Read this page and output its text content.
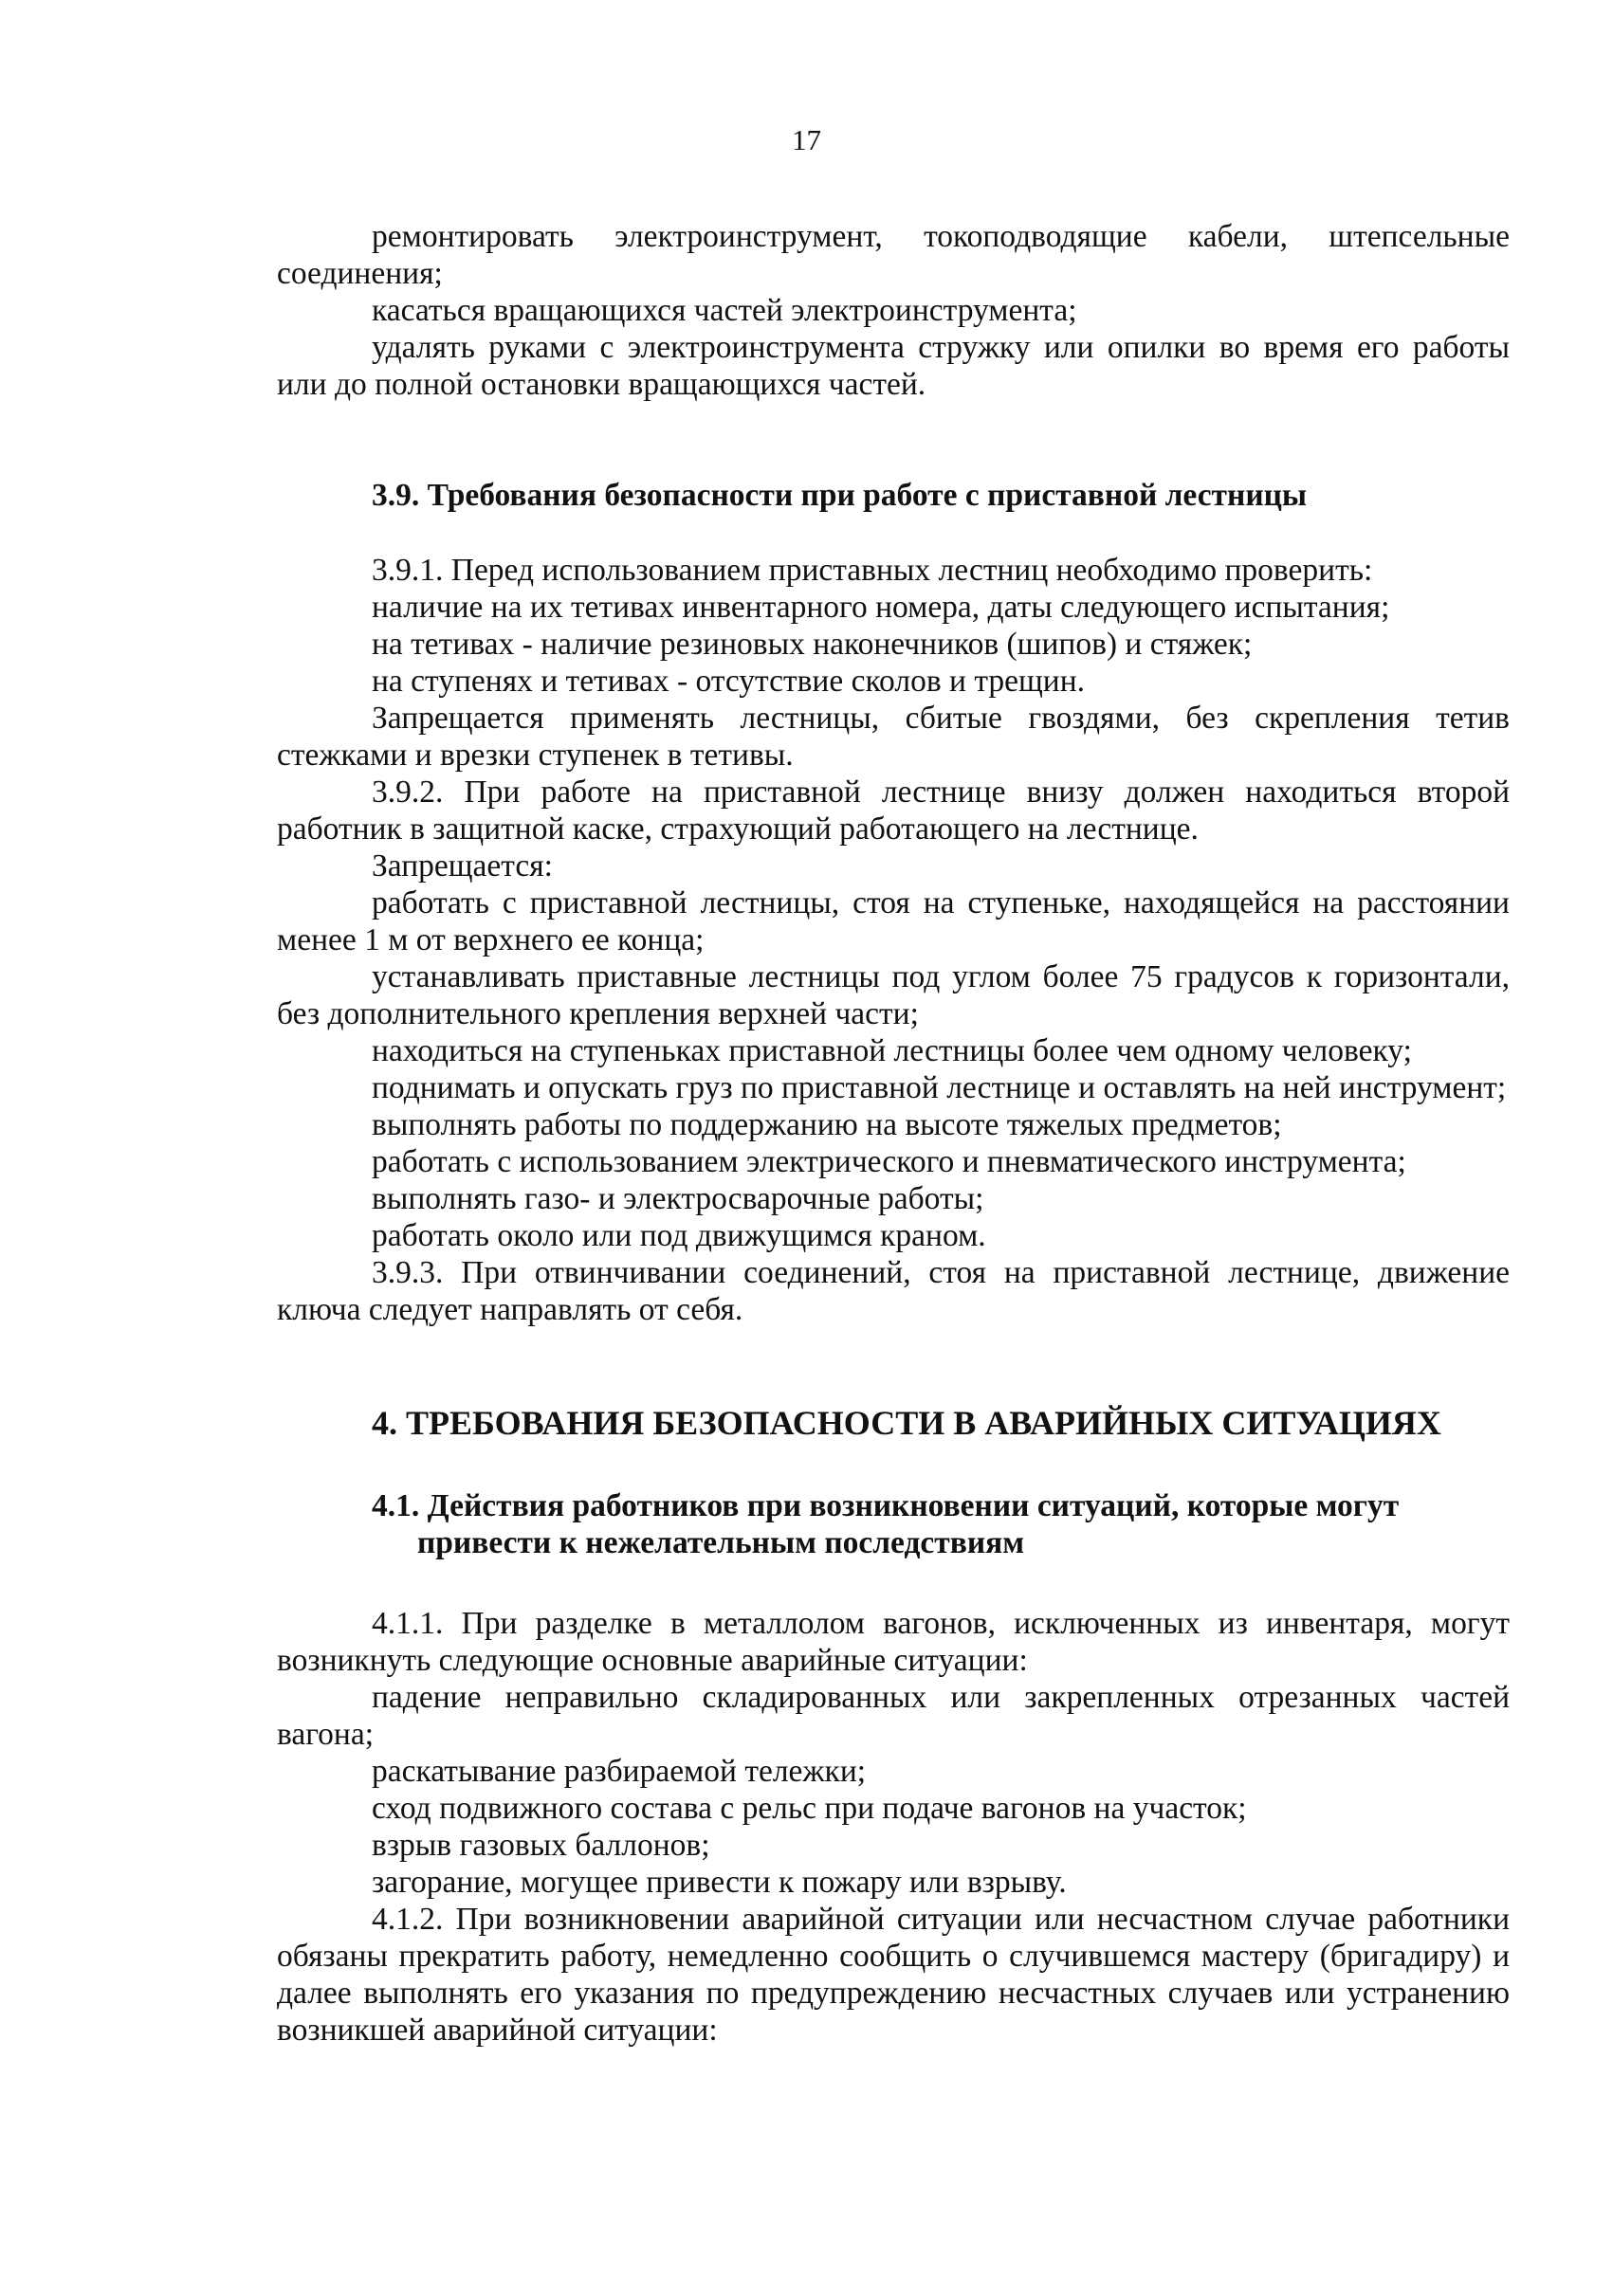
17

ремонтировать электроинструмент, токоподводящие кабели, штепсельные соединения;

касаться вращающихся частей электроинструмента;

удалять руками с электроинструмента стружку или опилки во время его работы или до полной остановки вращающихся частей.

3.9. Требования безопасности при работе с приставной лестницы

3.9.1. Перед использованием приставных лестниц необходимо проверить:

наличие на их тетивах инвентарного номера, даты следующего испытания;

на тетивах - наличие резиновых наконечников (шипов) и стяжек;

на ступенях и тетивах - отсутствие сколов и трещин.

Запрещается применять лестницы, сбитые гвоздями, без скрепления тетив стежками и врезки ступенек в тетивы.

3.9.2. При работе на приставной лестнице внизу должен находиться второй работник в защитной каске, страхующий работающего на лестнице.

Запрещается:

работать с приставной лестницы, стоя на ступеньке, находящейся на расстоянии менее 1 м от верхнего ее конца;

устанавливать приставные лестницы под углом более 75 градусов к горизонтали, без дополнительного крепления верхней части;

находиться на ступеньках приставной лестницы более чем одному человеку;

поднимать и опускать груз по приставной лестнице и оставлять на ней инструмент;

выполнять работы по поддержанию на высоте тяжелых предметов;

работать с использованием электрического и пневматического инструмента;

выполнять газо- и электросварочные работы;

работать около или под движущимся краном.

3.9.3. При отвинчивании соединений, стоя на приставной лестнице, движение ключа следует направлять от себя.

4. ТРЕБОВАНИЯ БЕЗОПАСНОСТИ В АВАРИЙНЫХ СИТУАЦИЯХ

4.1. Действия работников при возникновении ситуаций, которые могут
привести к нежелательным последствиям

4.1.1. При разделке в металлолом вагонов, исключенных из инвентаря, могут возникнуть следующие основные аварийные ситуации:

падение неправильно складированных или закрепленных отрезанных частей вагона;

раскатывание разбираемой тележки;

сход подвижного состава с рельс при подаче вагонов на участок;

взрыв газовых баллонов;

загорание, могущее привести к пожару или взрыву.

4.1.2. При возникновении аварийной ситуации или несчастном случае работники обязаны прекратить работу, немедленно сообщить о случившемся мастеру (бригадиру) и далее выполнять его указания по предупреждению несчастных случаев или устранению возникшей аварийной ситуации:
